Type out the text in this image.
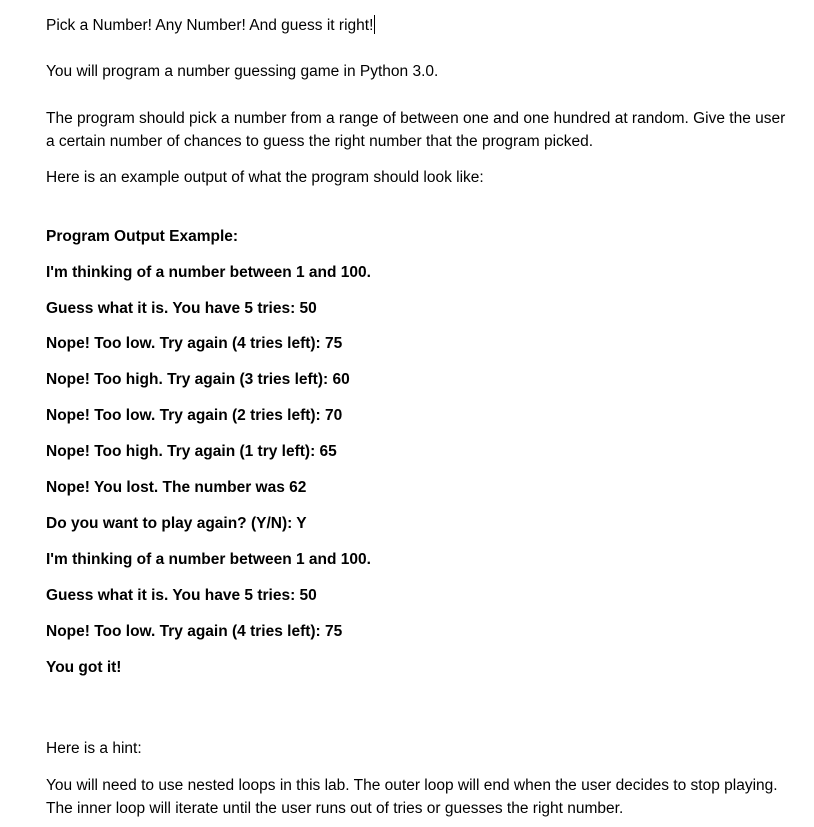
Pick a Number! Any Number! And guess it right!
You will program a number guessing game in Python 3.0.
The program should pick a number from a range of between one and one hundred at random. Give the user a certain number of chances to guess the right number that the program picked.
Here is an example output of what the program should look like:
Program Output Example:
I'm thinking of a number between 1 and 100.
Guess what it is. You have 5 tries: 50
Nope! Too low. Try again (4 tries left): 75
Nope! Too high. Try again (3 tries left): 60
Nope! Too low. Try again (2 tries left): 70
Nope! Too high. Try again (1 try left): 65
Nope! You lost. The number was 62
Do you want to play again? (Y/N): Y
I'm thinking of a number between 1 and 100.
Guess what it is. You have 5 tries: 50
Nope! Too low. Try again (4 tries left): 75
You got it!
Here is a hint:
You will need to use nested loops in this lab. The outer loop will end when the user decides to stop playing. The inner loop will iterate until the user runs out of tries or guesses the right number.
